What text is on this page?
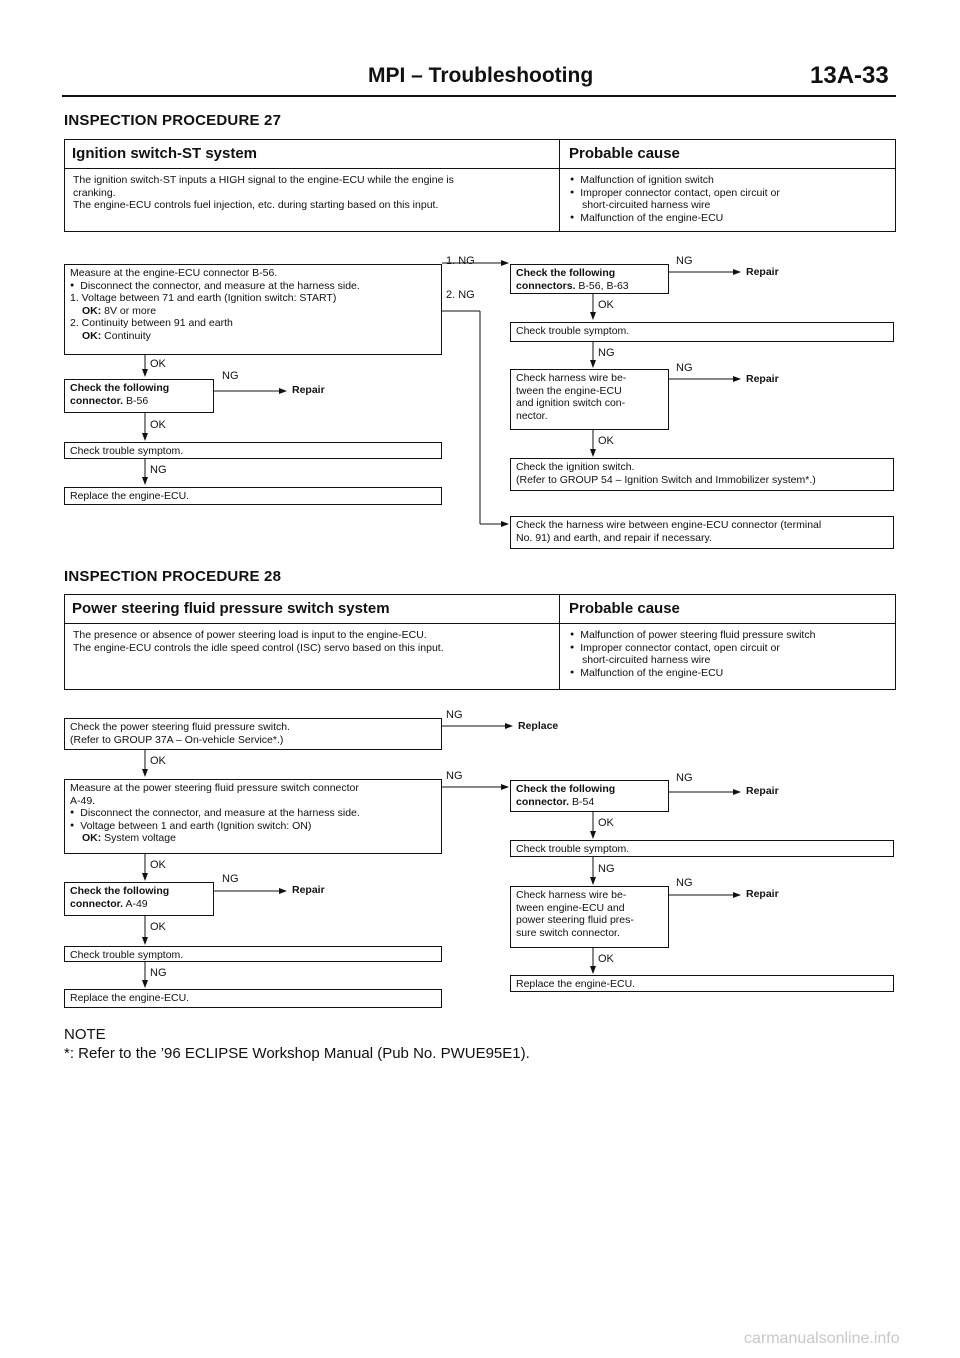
MPI – Troubleshooting	13A-33
INSPECTION PROCEDURE 27
Ignition switch-ST system	Probable cause
The ignition switch-ST inputs a HIGH signal to the engine-ECU while the engine is
cranking.
The engine-ECU controls fuel injection, etc. during starting based on this input.
● Malfunction of ignition switch
● Improper connector contact, open circuit or
short-circuited harness wire
● Malfunction of the engine-ECU
Measure at the engine-ECU connector B-56.
● Disconnect the connector, and measure at the harness side.
1. Voltage between 71 and earth (Ignition switch: START)
OK: 8V or more
2. Continuity between 91 and earth
OK: Continuity
OK
Check the following connector. B-56
NG
Repair
OK
Check trouble symptom.
NG
Replace the engine-ECU.
1. NG
2. NG
Check the following connectors. B-56, B-63
NG
Repair
OK
Check trouble symptom.
NG
Check harness wire be-
tween the engine-ECU
and ignition switch con-
nector.
NG
Repair
OK
Check the ignition switch.
(Refer to GROUP 54 – Ignition Switch and Immobilizer system*.)
Check the harness wire between engine-ECU connector (terminal
No. 91) and earth, and repair if necessary.
INSPECTION PROCEDURE 28
Power steering fluid pressure switch system	Probable cause
The presence or absence of power steering load is input to the engine-ECU.
The engine-ECU controls the idle speed control (ISC) servo based on this input.
● Malfunction of power steering fluid pressure switch
● Improper connector contact, open circuit or
short-circuited harness wire
● Malfunction of the engine-ECU
Check the power steering fluid pressure switch.
(Refer to GROUP 37A – On-vehicle Service*.)
NG
Replace
OK
Measure at the power steering fluid pressure switch connector
A-49.
● Disconnect the connector, and measure at the harness side.
● Voltage between 1 and earth (Ignition switch: ON)
OK: System voltage
NG
OK
Check the following connector. A-49
NG
Repair
OK
Check trouble symptom.
NG
Replace the engine-ECU.
Check the following connector. B-54
NG
Repair
OK
Check trouble symptom.
NG
Check harness wire be-
tween engine-ECU and
power steering fluid pres-
sure switch connector.
NG
Repair
OK
Replace the engine-ECU.
NOTE
*: Refer to the ’96 ECLIPSE Workshop Manual (Pub No. PWUE95E1).
carmanualsonline.info
